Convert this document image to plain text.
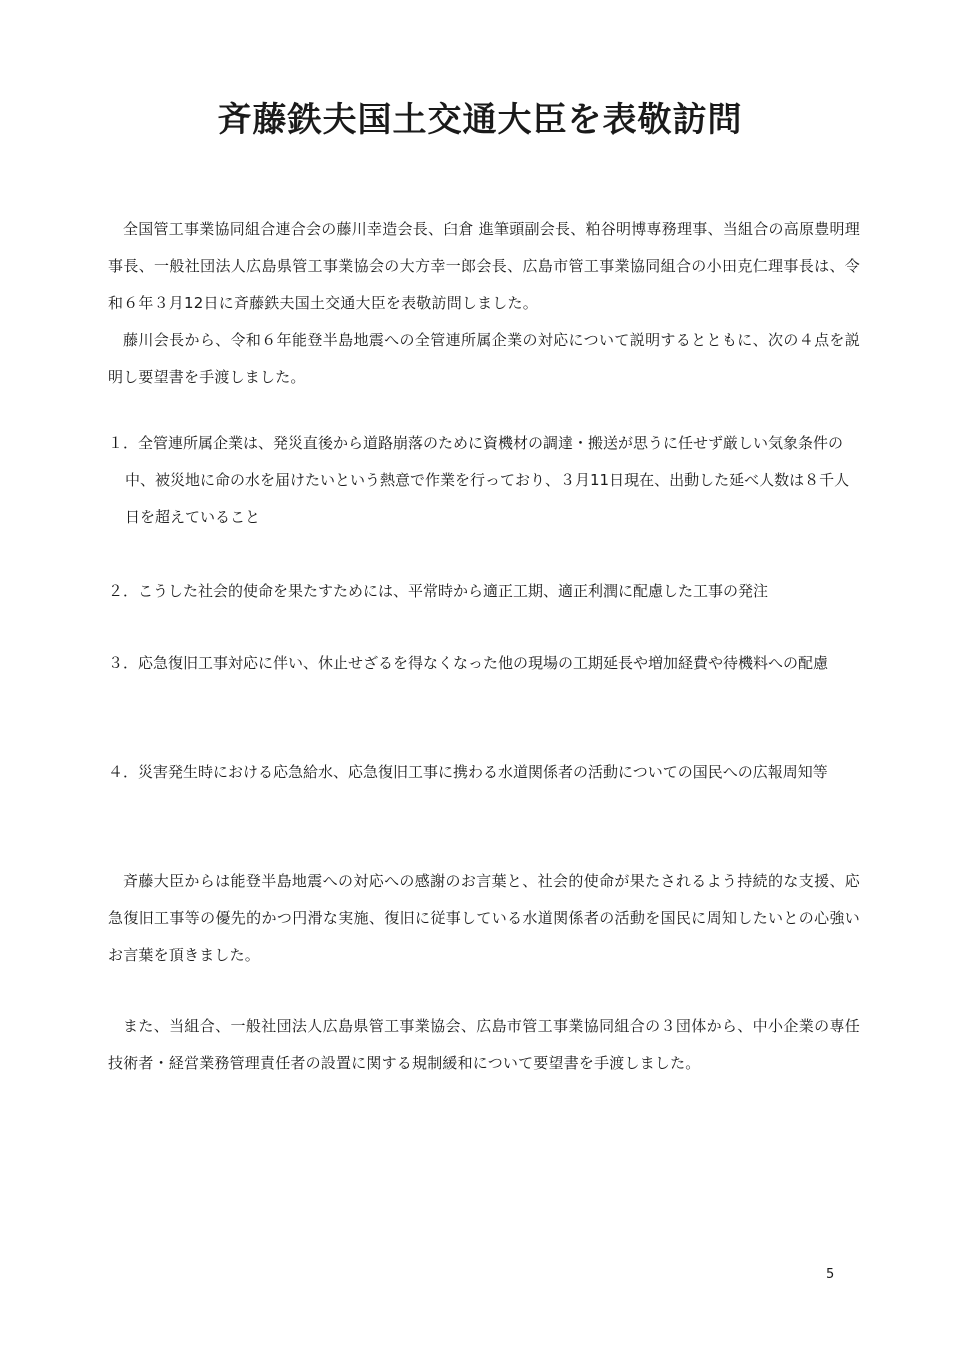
斉藤鉄夫国土交通大臣を表敬訪問

全国管工事業協同組合連合会の藤川幸造会長、臼倉 進筆頭副会長、粕谷明博専務理事、当組合の高原豊明理事長、一般社団法人広島県管工事業協会の大方幸一郎会長、広島市管工事業協同組合の小田克仁理事長は、令和６年３月12日に斉藤鉄夫国土交通大臣を表敬訪問しました。

藤川会長から、令和６年能登半島地震への全管連所属企業の対応について説明するとともに、次の４点を説明し要望書を手渡しました。

１．全管連所属企業は、発災直後から道路崩落のために資機材の調達・搬送が思うに任せず厳しい気象条件の中、被災地に命の水を届けたいという熱意で作業を行っており、３月11日現在、出動した延べ人数は８千人日を超えていること
２．こうした社会的使命を果たすためには、平常時から適正工期、適正利潤に配慮した工事の発注
３．応急復旧工事対応に伴い、休止せざるを得なくなった他の現場の工期延長や増加経費や待機料への配慮
４．災害発生時における応急給水、応急復旧工事に携わる水道関係者の活動についての国民への広報周知等

斉藤大臣からは能登半島地震への対応への感謝のお言葉と、社会的使命が果たされるよう持続的な支援、応急復旧工事等の優先的かつ円滑な実施、復旧に従事している水道関係者の活動を国民に周知したいとの心強いお言葉を頂きました。

また、当組合、一般社団法人広島県管工事業協会、広島市管工事業協同組合の３団体から、中小企業の専任技術者・経営業務管理責任者の設置に関する規制緩和について要望書を手渡しました。

5
